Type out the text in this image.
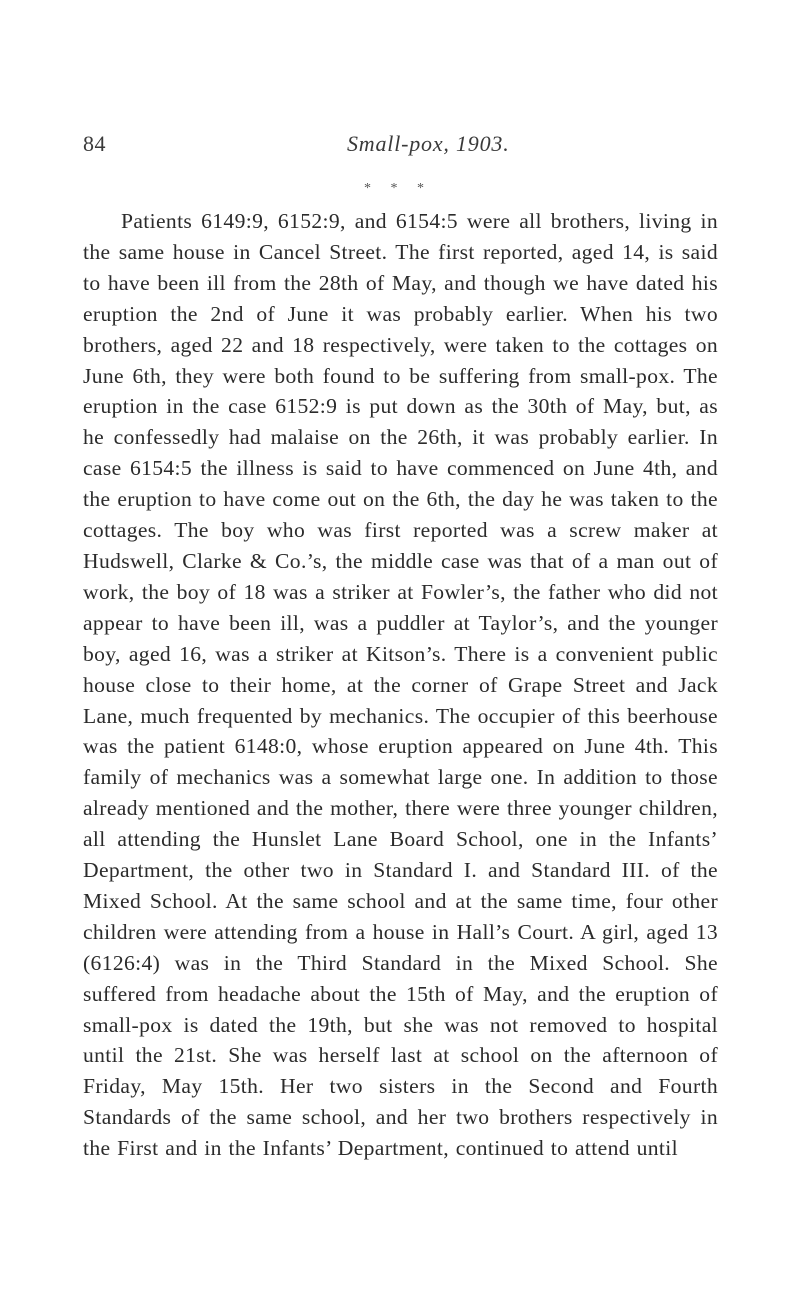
84	Small-pox, 1903.
* * *

Patients 6149:9, 6152:9, and 6154:5 were all brothers, living in the same house in Cancel Street. The first reported, aged 14, is said to have been ill from the 28th of May, and though we have dated his eruption the 2nd of June it was probably earlier. When his two brothers, aged 22 and 18 respectively, were taken to the cottages on June 6th, they were both found to be suffering from small-pox. The eruption in the case 6152:9 is put down as the 30th of May, but, as he confessedly had malaise on the 26th, it was probably earlier. In case 6154:5 the illness is said to have commenced on June 4th, and the eruption to have come out on the 6th, the day he was taken to the cottages. The boy who was first reported was a screw maker at Hudswell, Clarke & Co.’s, the middle case was that of a man out of work, the boy of 18 was a striker at Fowler’s, the father who did not appear to have been ill, was a puddler at Taylor’s, and the younger boy, aged 16, was a striker at Kitson’s. There is a convenient public house close to their home, at the corner of Grape Street and Jack Lane, much frequented by mechanics. The occupier of this beerhouse was the patient 6148:0, whose eruption appeared on June 4th. This family of mechanics was a somewhat large one. In addition to those already mentioned and the mother, there were three younger children, all attending the Hunslet Lane Board School, one in the Infants’ Department, the other two in Standard I. and Standard III. of the Mixed School. At the same school and at the same time, four other children were attending from a house in Hall’s Court. A girl, aged 13 (6126:4) was in the Third Standard in the Mixed School. She suffered from headache about the 15th of May, and the eruption of small-pox is dated the 19th, but she was not removed to hospital until the 21st. She was herself last at school on the afternoon of Friday, May 15th. Her two sisters in the Second and Fourth Standards of the same school, and her two brothers respectively in the First and in the Infants’ Department, continued to attend until
